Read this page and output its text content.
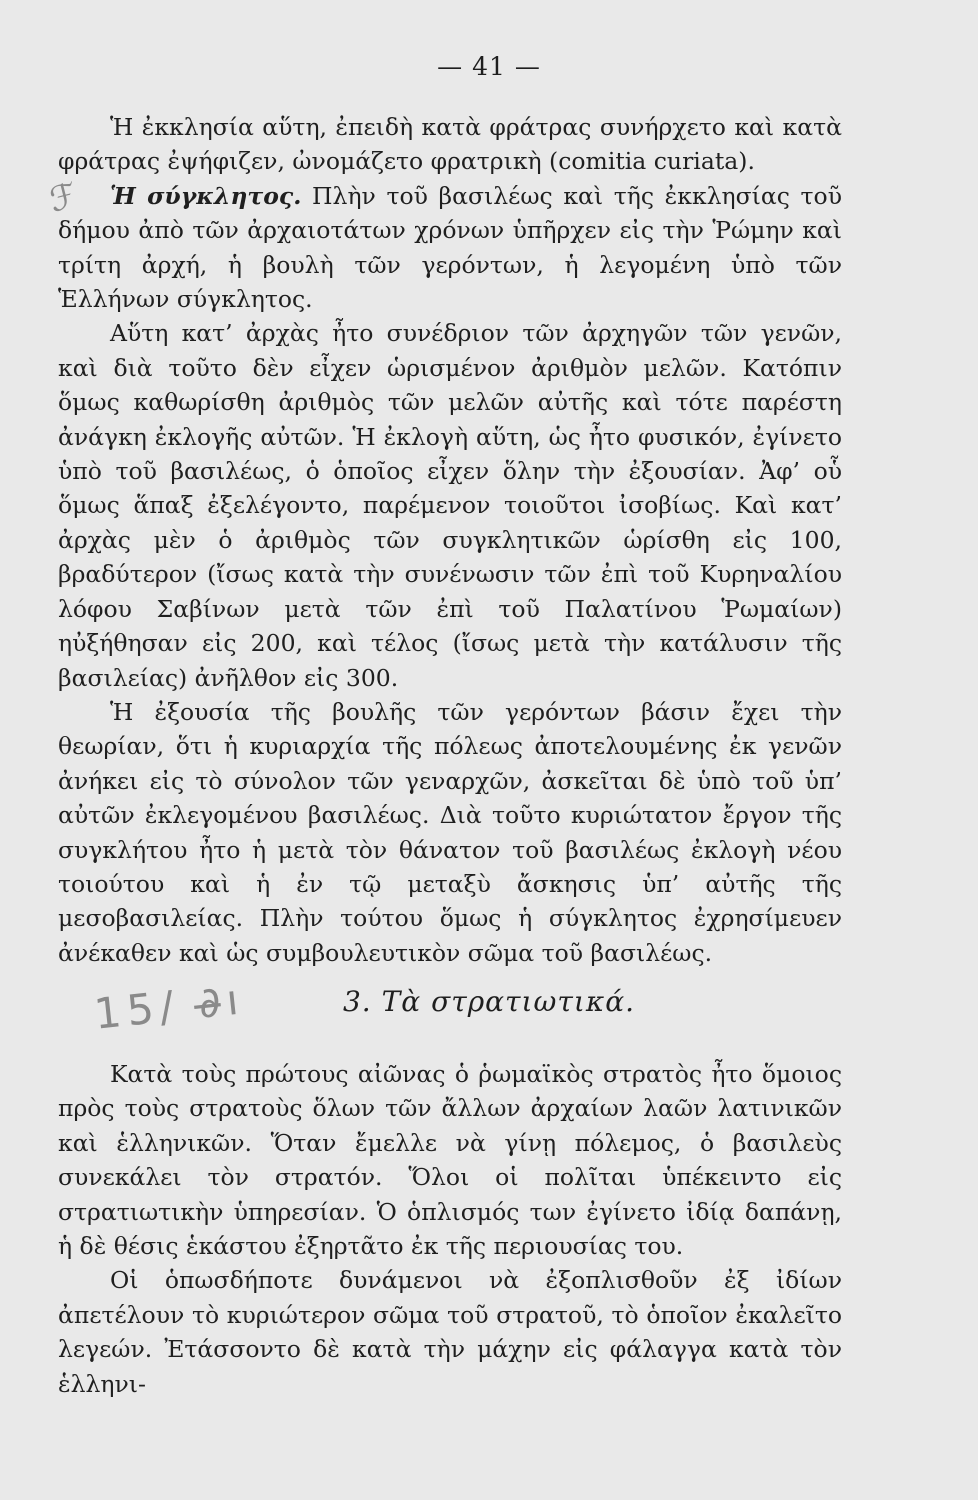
— 41 —
ℱ

Ἡ ἐκκλησία αὕτη, ἐπειδὴ κατὰ φράτρας συνήρχετο καὶ κατὰ φράτρας ἐψήφιζεν, ὠνομάζετο φρατρικὴ (comitia curiata).

Ἡ σύγκλητος. Πλὴν τοῦ βασιλέως καὶ τῆς ἐκκλησίας τοῦ δήμου ἀπὸ τῶν ἀρχαιοτάτων χρόνων ὑπῆρχεν εἰς τὴν Ῥώμην καὶ τρίτη ἀρχή, ἡ βουλὴ τῶν γερόντων, ἡ λεγομένη ὑπὸ τῶν Ἑλλήνων σύγκλητος.

Αὕτη κατ’ ἀρχὰς ἦτο συνέδριον τῶν ἀρχηγῶν τῶν γενῶν, καὶ διὰ τοῦτο δὲν εἶχεν ὡρισμένον ἀριθμὸν μελῶν. Κατόπιν ὅμως καθωρίσθη ἀριθμὸς τῶν μελῶν αὐτῆς καὶ τότε παρέστη ἀνάγκη ἐκλογῆς αὐτῶν. Ἡ ἐκλογὴ αὕτη, ὡς ἦτο φυσικόν, ἐγίνετο ὑπὸ τοῦ βασιλέως, ὁ ὁποῖος εἶχεν ὅλην τὴν ἐξουσίαν. Ἀφ’ οὗ ὅμως ἅπαξ ἐξελέγοντο, παρέμενον τοιοῦτοι ἰσοβίως. Καὶ κατ’ ἀρχὰς μὲν ὁ ἀριθμὸς τῶν συγκλητικῶν ὡρίσθη εἰς 100, βραδύτερον (ἴσως κατὰ τὴν συνένωσιν τῶν ἐπὶ τοῦ Κυρηναλίου λόφου Σαβίνων μετὰ τῶν ἐπὶ τοῦ Παλατίνου Ῥωμαίων) ηὐξήθησαν εἰς 200, καὶ τέλος (ἴσως μετὰ τὴν κατάλυσιν τῆς βασιλείας) ἀνῆλθον εἰς 300.

Ἡ ἐξουσία τῆς βουλῆς τῶν γερόντων βάσιν ἔχει τὴν θεωρίαν, ὅτι ἡ κυριαρχία τῆς πόλεως ἀποτελουμένης ἐκ γενῶν ἀνήκει εἰς τὸ σύνολον τῶν γεναρχῶν, ἀσκεῖται δὲ ὑπὸ τοῦ ὑπ’ αὐτῶν ἐκλεγομένου βασιλέως. Διὰ τοῦτο κυριώτατον ἔργον τῆς συγκλήτου ἦτο ἡ μετὰ τὸν θάνατον τοῦ βασιλέως ἐκλογὴ νέου τοιούτου καὶ ἡ ἐν τῷ μεταξὺ ἄσκησις ὑπ’ αὐτῆς τῆς μεσοβασιλείας. Πλὴν τούτου ὅμως ἡ σύγκλητος ἐχρησίμευεν ἀνέκαθεν καὶ ὡς συμβουλευτικὸν σῶμα τοῦ βασιλέως.

15/ ∂̶ı	3. Τὰ στρατιωτικά.

Κατὰ τοὺς πρώτους αἰῶνας ὁ ῥωμαϊκὸς στρατὸς ἦτο ὅμοιος πρὸς τοὺς στρατοὺς ὅλων τῶν ἄλλων ἀρχαίων λαῶν λατινικῶν καὶ ἑλληνικῶν. Ὅταν ἔμελλε νὰ γίνῃ πόλεμος, ὁ βασιλεὺς συνεκάλει τὸν στρατόν. Ὅλοι οἱ πολῖται ὑπέκειντο εἰς στρατιωτικὴν ὑπηρεσίαν. Ὁ ὁπλισμός των ἐγίνετο ἰδίᾳ δαπάνῃ, ἡ δὲ θέσις ἑκάστου ἐξηρτᾶτο ἐκ τῆς περιουσίας του.

Οἱ ὁπωσδήποτε δυνάμενοι νὰ ἐξοπλισθοῦν ἐξ ἰδίων ἀπετέλουν τὸ κυριώτερον σῶμα τοῦ στρατοῦ, τὸ ὁποῖον ἐκαλεῖτο λεγεών. Ἐτάσσοντο δὲ κατὰ τὴν μάχην εἰς φάλαγγα κατὰ τὸν ἑλληνι-
